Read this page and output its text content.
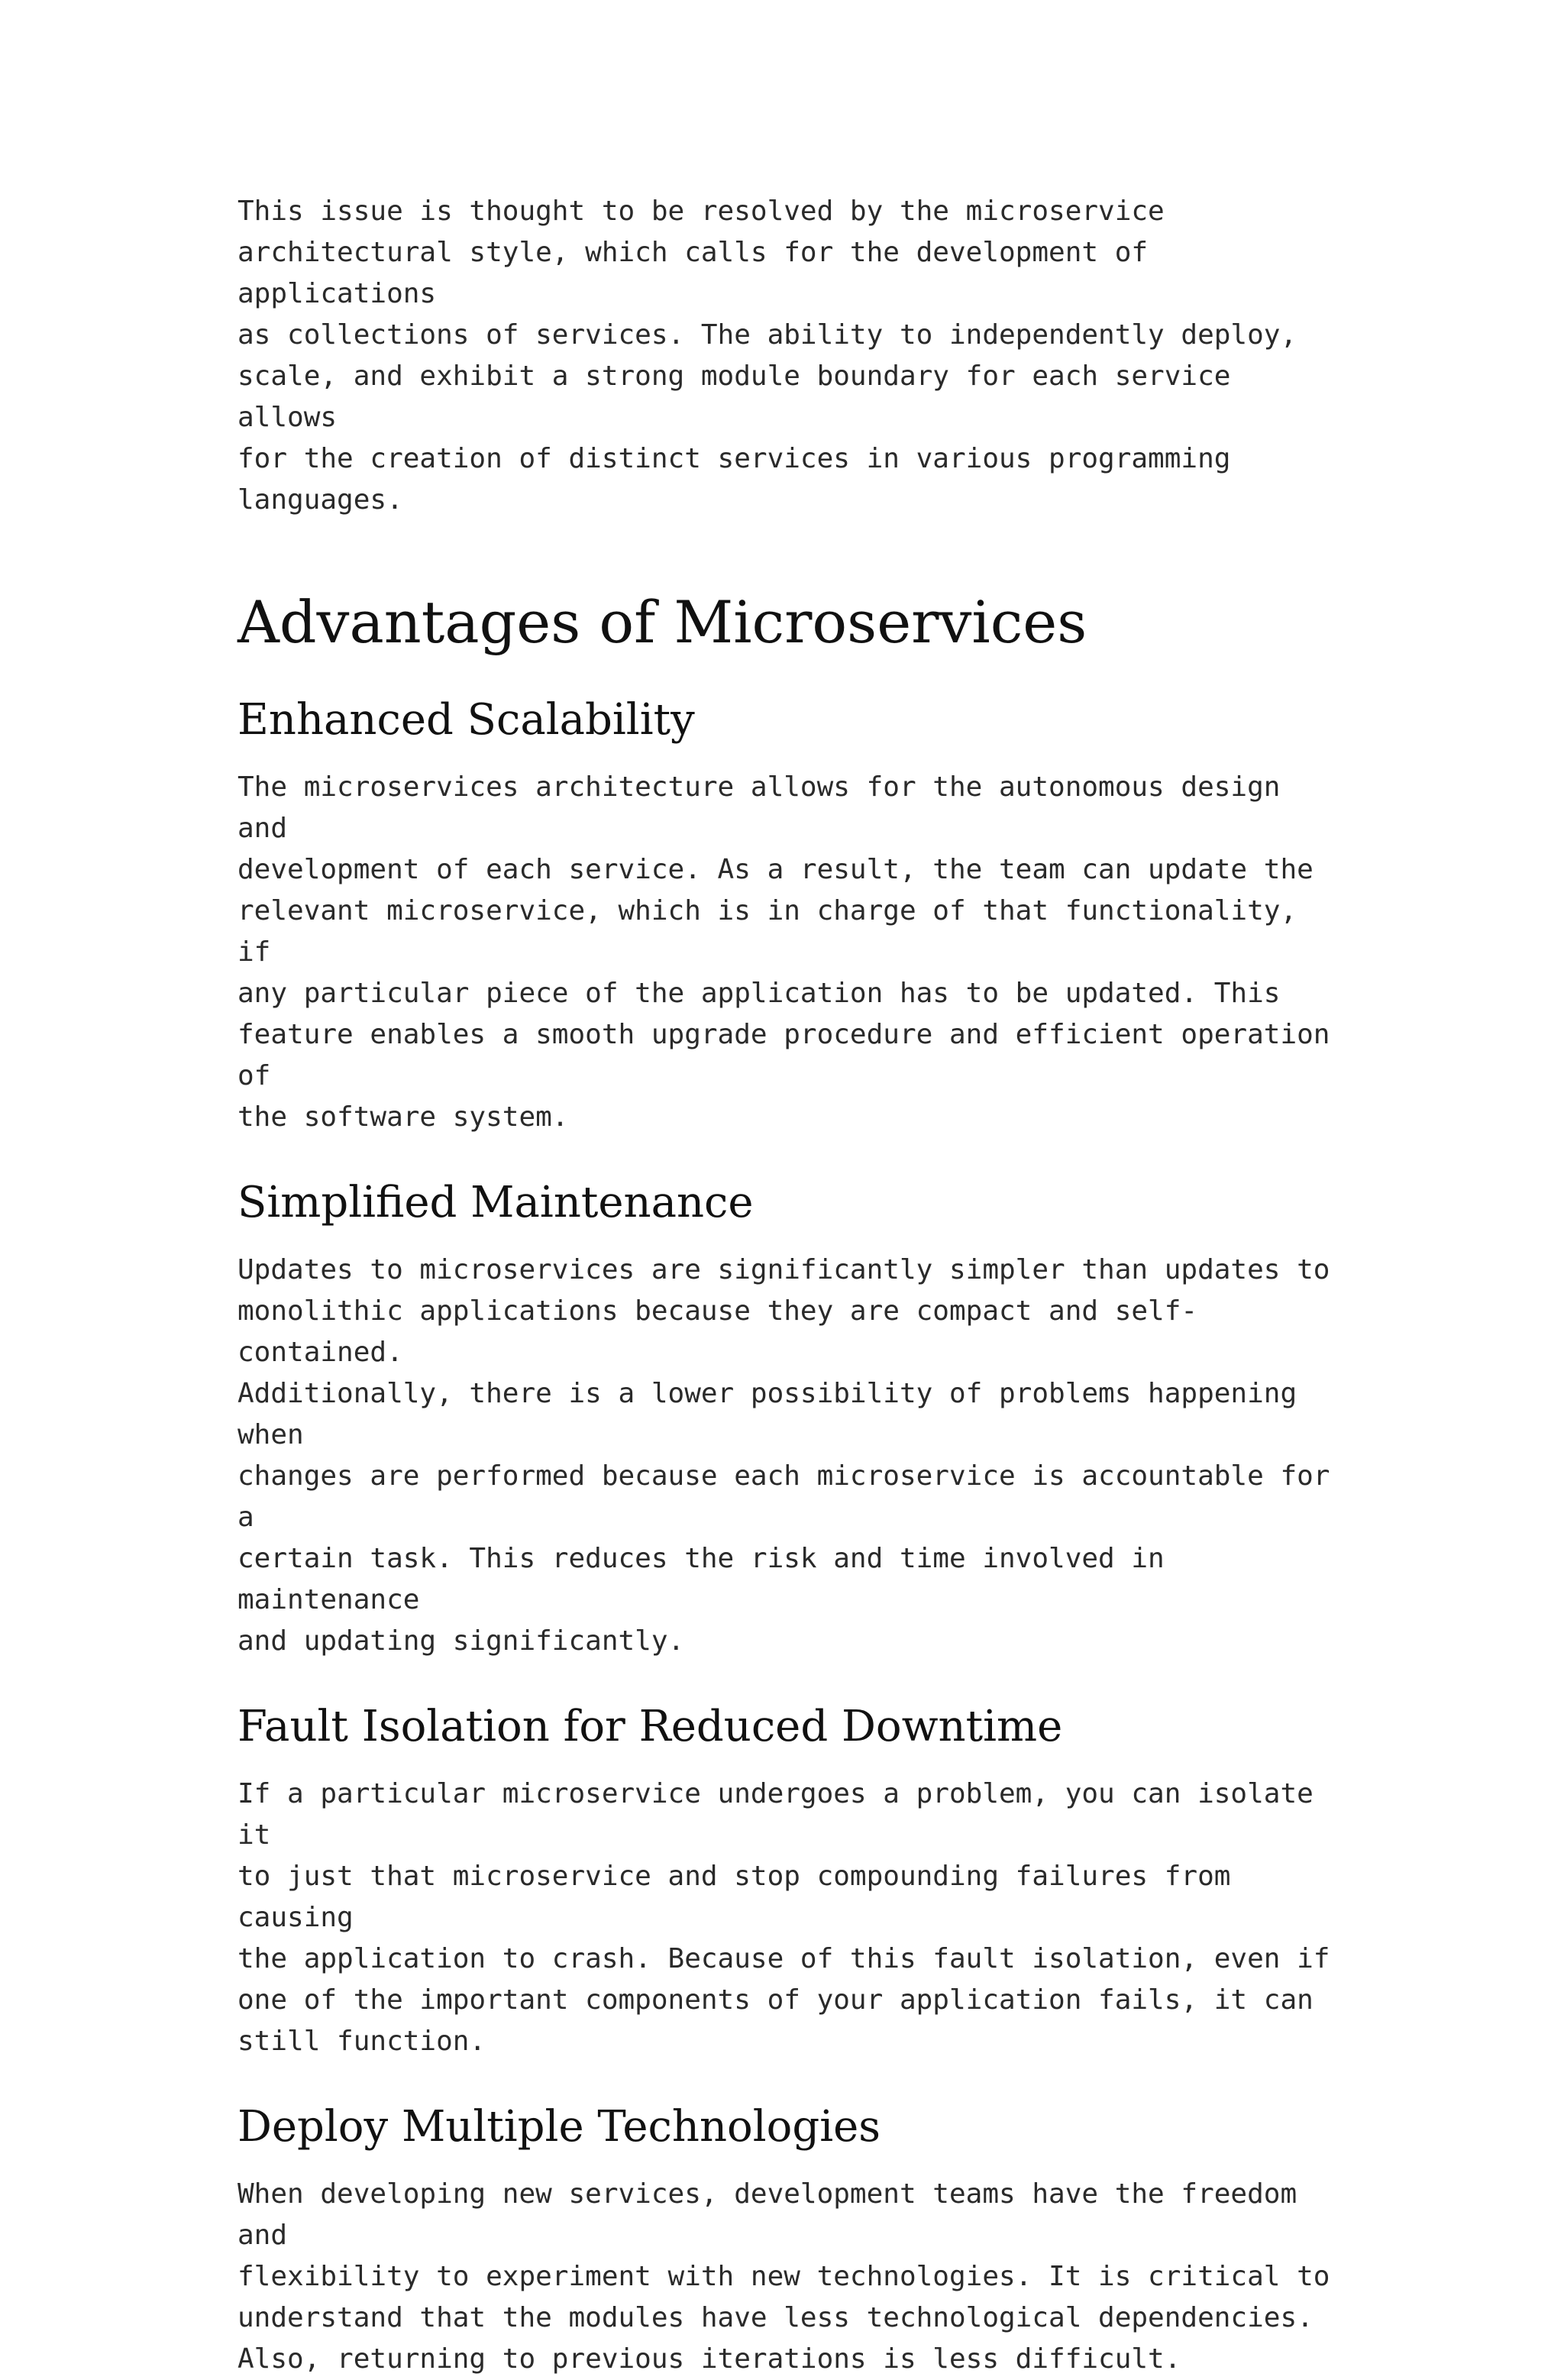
This issue is thought to be resolved by the microservice
architectural style, which calls for the development of applications
as collections of services. The ability to independently deploy,
scale, and exhibit a strong module boundary for each service allows
for the creation of distinct services in various programming
languages.

Advantages of Microservices
Enhanced Scalability

The microservices architecture allows for the autonomous design and
development of each service. As a result, the team can update the
relevant microservice, which is in charge of that functionality, if
any particular piece of the application has to be updated. This
feature enables a smooth upgrade procedure and efficient operation of
the software system.

Simplified Maintenance

Updates to microservices are significantly simpler than updates to
monolithic applications because they are compact and self-contained.
Additionally, there is a lower possibility of problems happening when
changes are performed because each microservice is accountable for a
certain task. This reduces the risk and time involved in maintenance
and updating significantly.

Fault Isolation for Reduced Downtime

If a particular microservice undergoes a problem, you can isolate it
to just that microservice and stop compounding failures from causing
the application to crash. Because of this fault isolation, even if
one of the important components of your application fails, it can
still function.

Deploy Multiple Technologies

When developing new services, development teams have the freedom and
flexibility to experiment with new technologies. It is critical to
understand that the modules have less technological dependencies.
Also, returning to previous iterations is less difficult.
